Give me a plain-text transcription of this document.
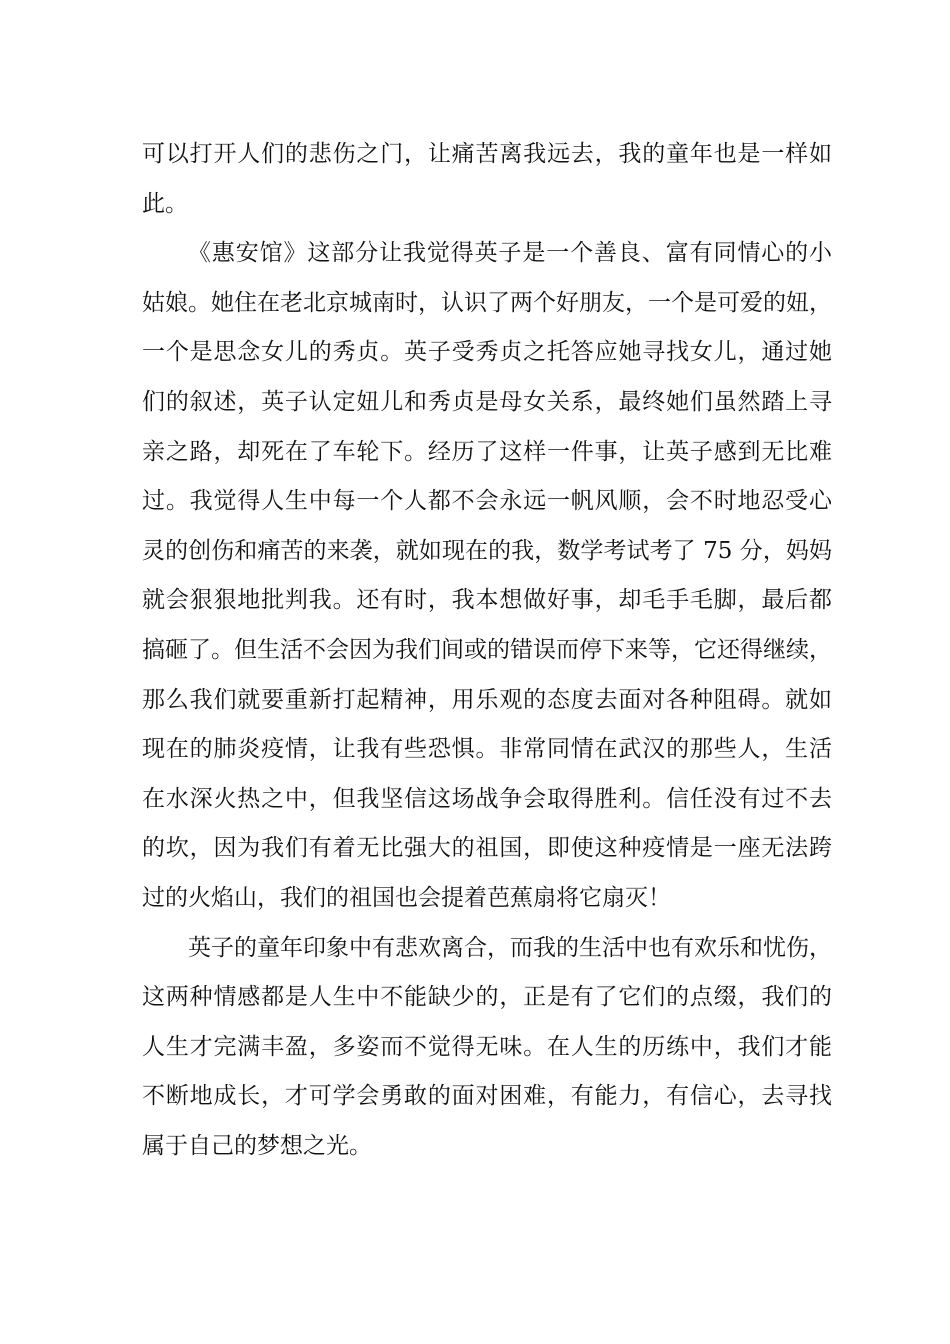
可以打开人们的悲伤之门，让痛苦离我远去，我的童年也是一样如
此。
《惠安馆》这部分让我觉得英子是一个善良、富有同情心的小
姑娘。她住在老北京城南时，认识了两个好朋友，一个是可爱的妞，
一个是思念女儿的秀贞。英子受秀贞之托答应她寻找女儿，通过她
们的叙述，英子认定妞儿和秀贞是母女关系，最终她们虽然踏上寻
亲之路，却死在了车轮下。经历了这样一件事，让英子感到无比难
过。我觉得人生中每一个人都不会永远一帆风顺，会不时地忍受心
灵的创伤和痛苦的来袭，就如现在的我，数学考试考了 75 分，妈妈
就会狠狠地批判我。还有时，我本想做好事，却毛手毛脚，最后都
搞砸了。但生活不会因为我们间或的错误而停下来等，它还得继续，
那么我们就要重新打起精神，用乐观的态度去面对各种阻碍。就如
现在的肺炎疫情，让我有些恐惧。非常同情在武汉的那些人，生活
在水深火热之中，但我坚信这场战争会取得胜利。信任没有过不去
的坎，因为我们有着无比强大的祖国，即使这种疫情是一座无法跨
过的火焰山，我们的祖国也会提着芭蕉扇将它扇灭！
英子的童年印象中有悲欢离合，而我的生活中也有欢乐和忧伤，
这两种情感都是人生中不能缺少的，正是有了它们的点缀，我们的
人生才完满丰盈，多姿而不觉得无味。在人生的历练中，我们才能
不断地成长，才可学会勇敢的面对困难，有能力，有信心，去寻找
属于自己的梦想之光。
